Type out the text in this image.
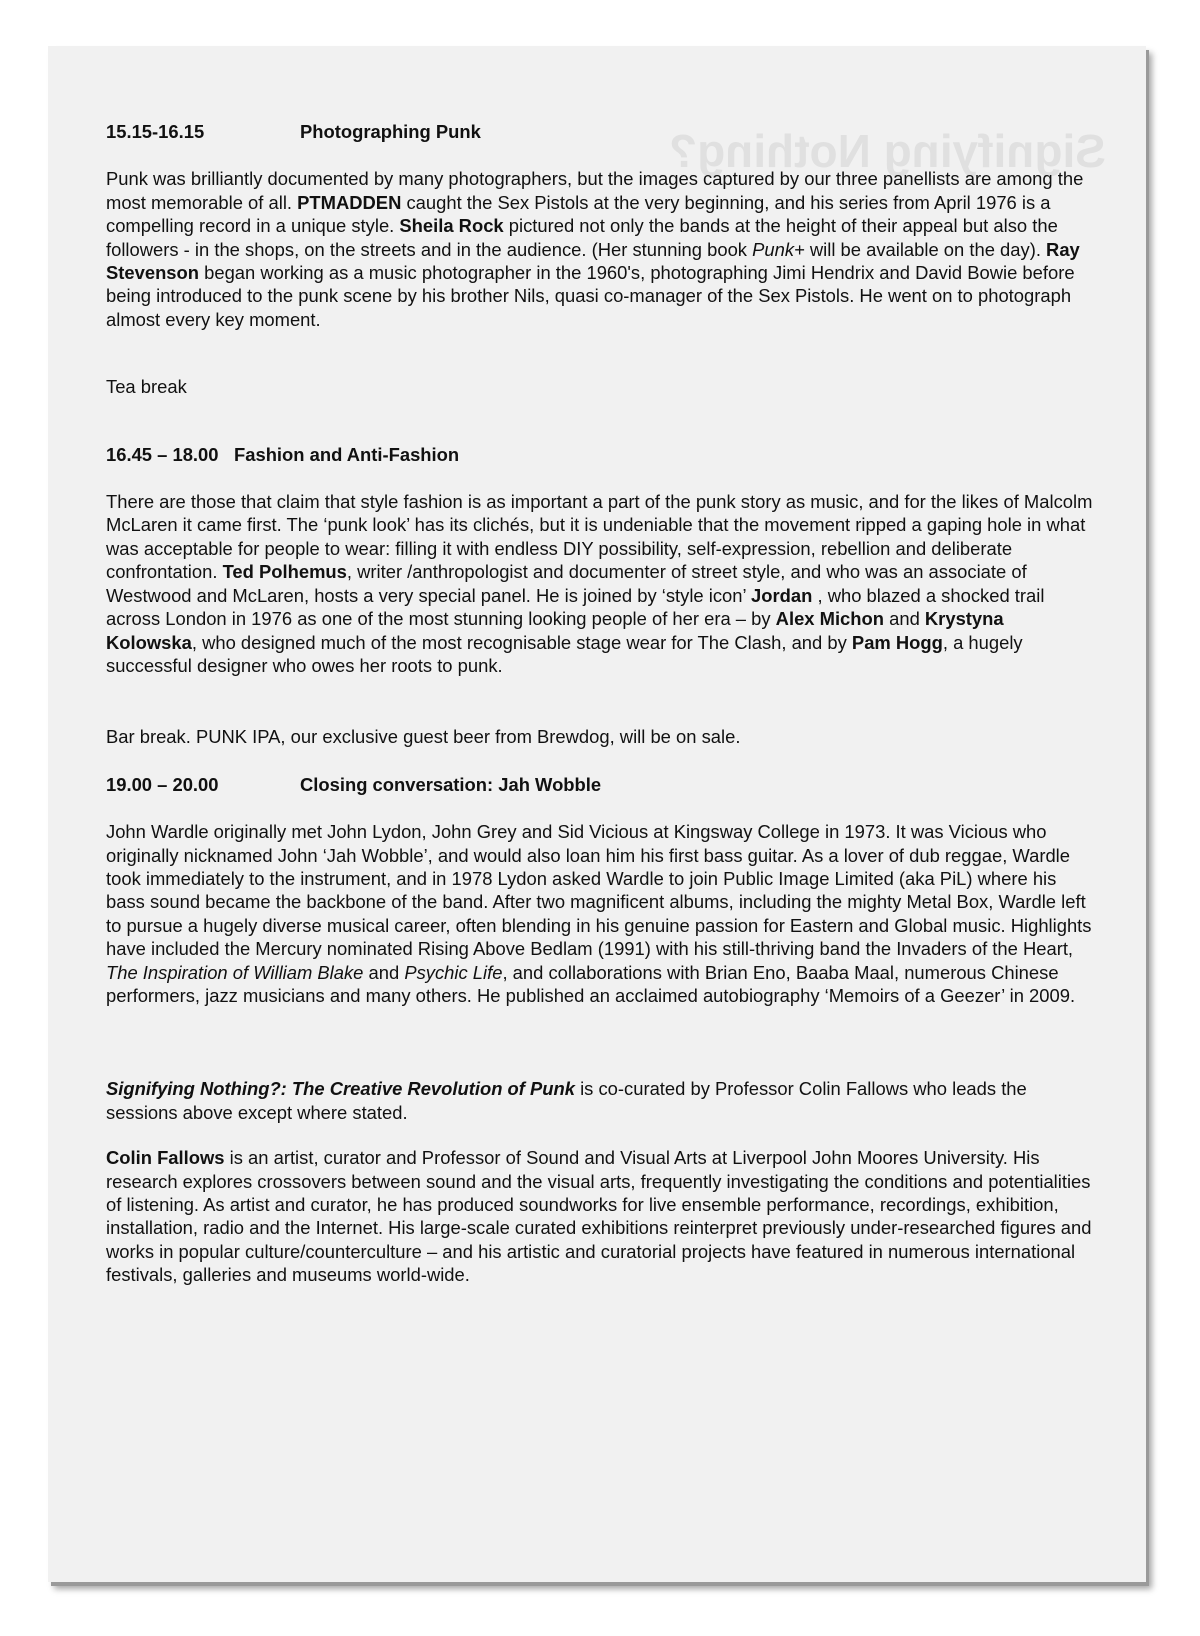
Signifying Nothing?
15.15-16.15	Photographing Punk

Punk was brilliantly documented by many photographers, but the images captured by our three panellists are among the most memorable of all. PTMADDEN caught the Sex Pistols at the very beginning, and his series from April 1976 is a compelling record in a unique style. Sheila Rock pictured not only the bands at the height of their appeal but also the followers - in the shops, on the streets and in the audience. (Her stunning book Punk+ will be available on the day). Ray Stevenson began working as a music photographer in the 1960's, photographing Jimi Hendrix and David Bowie before being introduced to the punk scene by his brother Nils, quasi co-manager of the Sex Pistols. He went on to photograph almost every key moment.

Tea break

16.45 – 18.00 Fashion and Anti-Fashion

There are those that claim that style fashion is as important a part of the punk story as music, and for the likes of Malcolm McLaren it came first. The ‘punk look’ has its clichés, but it is undeniable that the movement ripped a gaping hole in what was acceptable for people to wear: filling it with endless DIY possibility, self-expression, rebellion and deliberate confrontation. Ted Polhemus, writer /anthropologist and documenter of street style, and who was an associate of Westwood and McLaren, hosts a very special panel. He is joined by ‘style icon’ Jordan , who blazed a shocked trail across London in 1976 as one of the most stunning looking people of her era – by Alex Michon and Krystyna Kolowska, who designed much of the most recognisable stage wear for The Clash, and by Pam Hogg, a hugely successful designer who owes her roots to punk.

Bar break. PUNK IPA, our exclusive guest beer from Brewdog, will be on sale.

19.00 – 20.00	Closing conversation: Jah Wobble

John Wardle originally met John Lydon, John Grey and Sid Vicious at Kingsway College in 1973. It was Vicious who originally nicknamed John ‘Jah Wobble’, and would also loan him his first bass guitar. As a lover of dub reggae, Wardle took immediately to the instrument, and in 1978 Lydon asked Wardle to join Public Image Limited (aka PiL) where his bass sound became the backbone of the band. After two magnificent albums, including the mighty Metal Box, Wardle left to pursue a hugely diverse musical career, often blending in his genuine passion for Eastern and Global music. Highlights have included the Mercury nominated Rising Above Bedlam (1991) with his still-thriving band the Invaders of the Heart, The Inspiration of William Blake and Psychic Life, and collaborations with Brian Eno, Baaba Maal, numerous Chinese performers, jazz musicians and many others. He published an acclaimed autobiography ‘Memoirs of a Geezer’ in 2009.

Signifying Nothing?: The Creative Revolution of Punk is co-curated by Professor Colin Fallows who leads the sessions above except where stated.

Colin Fallows is an artist, curator and Professor of Sound and Visual Arts at Liverpool John Moores University. His research explores crossovers between sound and the visual arts, frequently investigating the conditions and potentialities of listening. As artist and curator, he has produced soundworks for live ensemble performance, recordings, exhibition, installation, radio and the Internet. His large-scale curated exhibitions reinterpret previously under-researched figures and works in popular culture/counterculture – and his artistic and curatorial projects have featured in numerous international festivals, galleries and museums world-wide.
